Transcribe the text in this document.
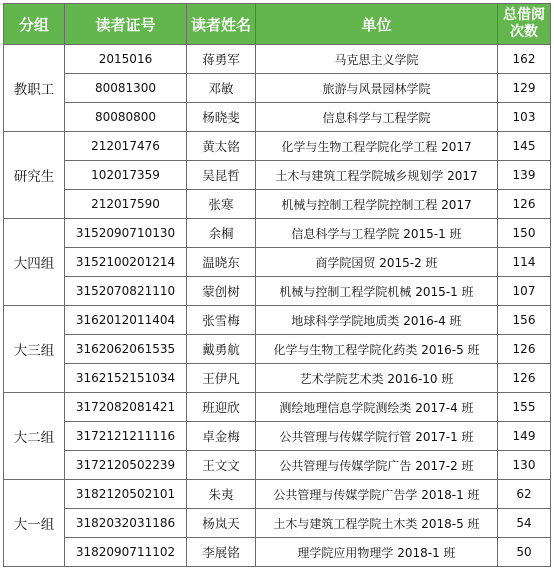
分组	读者证号	读者姓名	单位	总借阅
次数

教职工	2015016	蒋勇军	马克思主义学院	162
	80081300	邓敏	旅游与风景园林学院	129
	80080800	杨晓斐	信息科学与工程学院	103
研究生	212017476	黄太铭	化学与生物工程学院化学工程 2017	145
	102017359	吴昆哲	土木与建筑工程学院城乡规划学 2017	139
	212017590	张寒	机械与控制工程学院控制工程 2017	126
大四组	3152090710130	余桐	信息科学与工程学院 2015-1 班	150
	3152100201214	温晓东	商学院国贸 2015-2 班	114
	3152070821110	蒙创树	机械与控制工程学院机械 2015-1 班	107
大三组	3162012011404	张雪梅	地球科学学院地质类 2016-4 班	156
	3162062061535	戴勇航	化学与生物工程学院化药类 2016-5 班	126
	3162152151034	王伊凡	艺术学院艺术类 2016-10 班	126
大二组	3172082081421	班迎欣	测绘地理信息学院测绘类 2017-4 班	155
	3172121211116	卓金梅	公共管理与传媒学院行管 2017-1 班	149
	3172120502239	王文文	公共管理与传媒学院广告 2017-2 班	130
大一组	3182120502101	朱夷	公共管理与传媒学院广告学 2018-1 班	62
	3182032031186	杨岚天	土木与建筑工程学院土木类 2018-5 班	54
	3182090711102	李展铭	理学院应用物理学 2018-1 班	50
